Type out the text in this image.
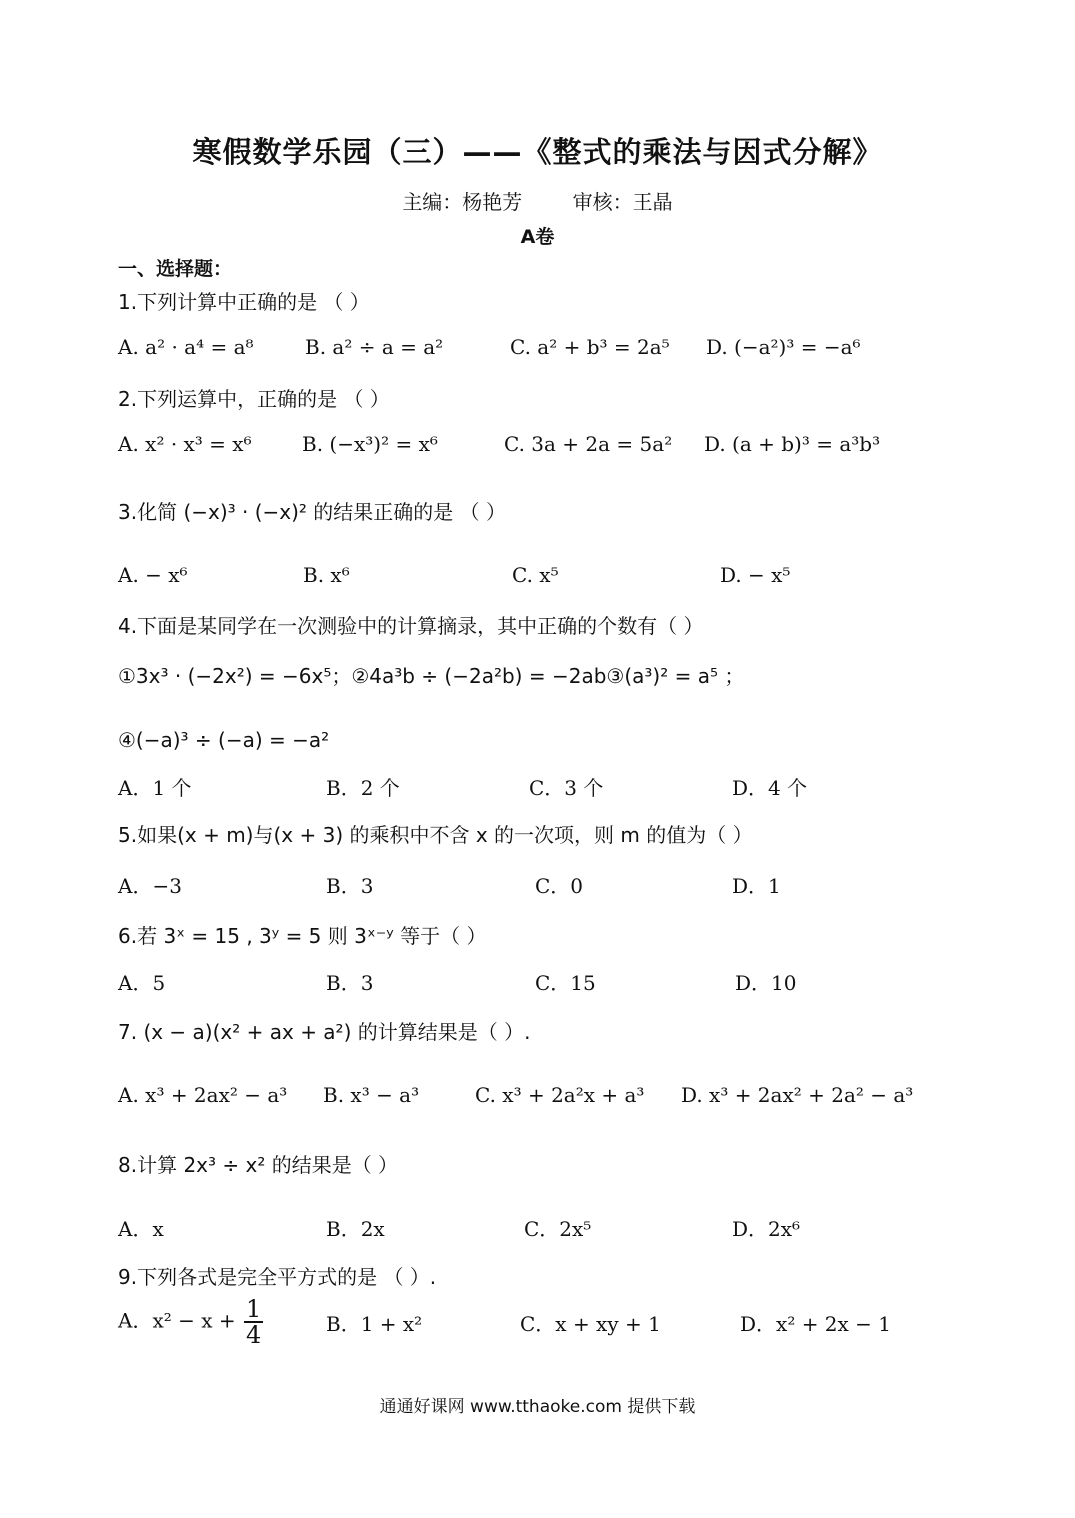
寒假数学乐园（三）——《整式的乘法与因式分解》
主编：杨艳芳	审核：王晶
A卷
一、选择题：
1.下列计算中正确的是 （ ）
A. a² · a⁴ = a⁸	B. a² ÷ a = a²	C. a² + b³ = 2a⁵ D. (−a²)³ = −a⁶
2.下列运算中，正确的是 （ ）
A. x² · x³ = x⁶	B. (−x³)² = x⁶	C. 3a + 2a = 5a² D. (a + b)³ = a³b³
3.化简 (−x)³ · (−x)² 的结果正确的是 （ ）
A. − x⁶	B. x⁶	C. x⁵	D. − x⁵
4.下面是某同学在一次测验中的计算摘录，其中正确的个数有（ ）
①3x³ · (−2x²) = −6x⁵；②4a³b ÷ (−2a²b) = −2ab③(a³)² = a⁵ ；
④(−a)³ ÷ (−a) = −a²
A．1 个	B．2 个	C．3 个	D．4 个
5.如果(x + m)与(x + 3) 的乘积中不含 x 的一次项，则 m 的值为（ ）
A．−3	B．3	C．0	D．1
6.若 3ˣ = 15 , 3ʸ = 5 则 3ˣ⁻ʸ 等于（ ）
A．5	B．3	C．15	D．10
7. (x − a)(x² + ax + a²) 的计算结果是（ ）.
A. x³ + 2ax² − a³ B. x³ − a³	C. x³ + 2a²x + a³ D. x³ + 2ax² + 2a² − a³
8.计算 2x³ ÷ x² 的结果是（ ）
A．x	B．2x	C．2x⁵	D．2x⁶
9.下列各式是完全平方式的是 （ ）.
A．$x^2 - x + \frac{1}{4}$	B．1 + x²	C．x + xy + 1	D．x² + 2x − 1
通通好课网 www.tthaoke.com 提供下载
